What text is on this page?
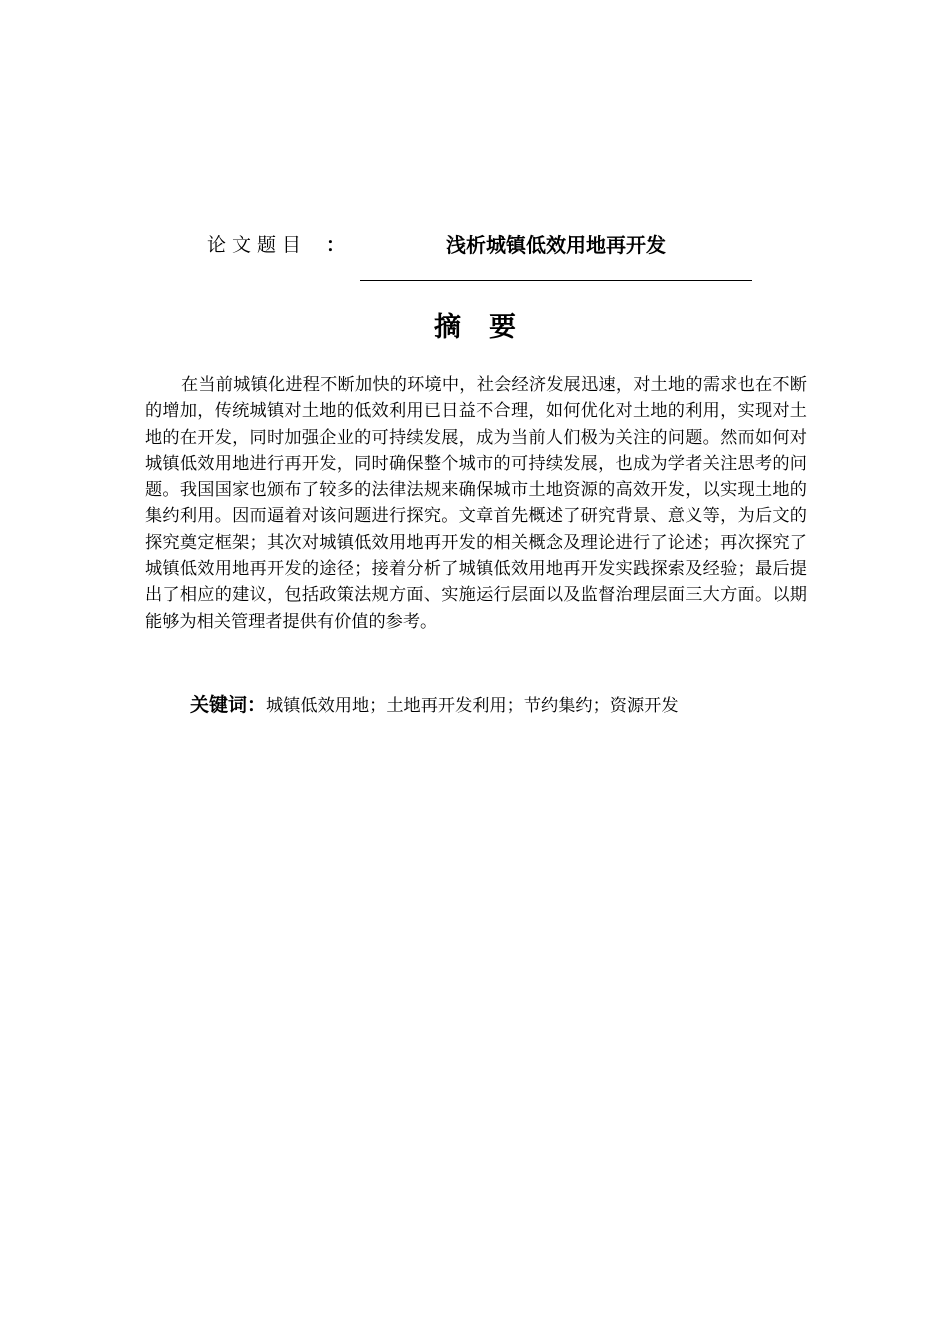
论文题目 ：	浅析城镇低效用地再开发
摘要

在当前城镇化进程不断加快的环境中，社会经济发展迅速，对土地的需求也在不断的增加，传统城镇对土地的低效利用已日益不合理，如何优化对土地的利用，实现对土地的在开发，同时加强企业的可持续发展，成为当前人们极为关注的问题。然而如何对城镇低效用地进行再开发，同时确保整个城市的可持续发展，也成为学者关注思考的问题。我国国家也颁布了较多的法律法规来确保城市土地资源的高效开发，以实现土地的集约利用。因而逼着对该问题进行探究。文章首先概述了研究背景、意义等，为后文的探究奠定框架；其次对城镇低效用地再开发的相关概念及理论进行了论述；再次探究了城镇低效用地再开发的途径；接着分析了城镇低效用地再开发实践探索及经验；最后提出了相应的建议，包括政策法规方面、实施运行层面以及监督治理层面三大方面。以期能够为相关管理者提供有价值的参考。

关键词：城镇低效用地；土地再开发利用；节约集约；资源开发
